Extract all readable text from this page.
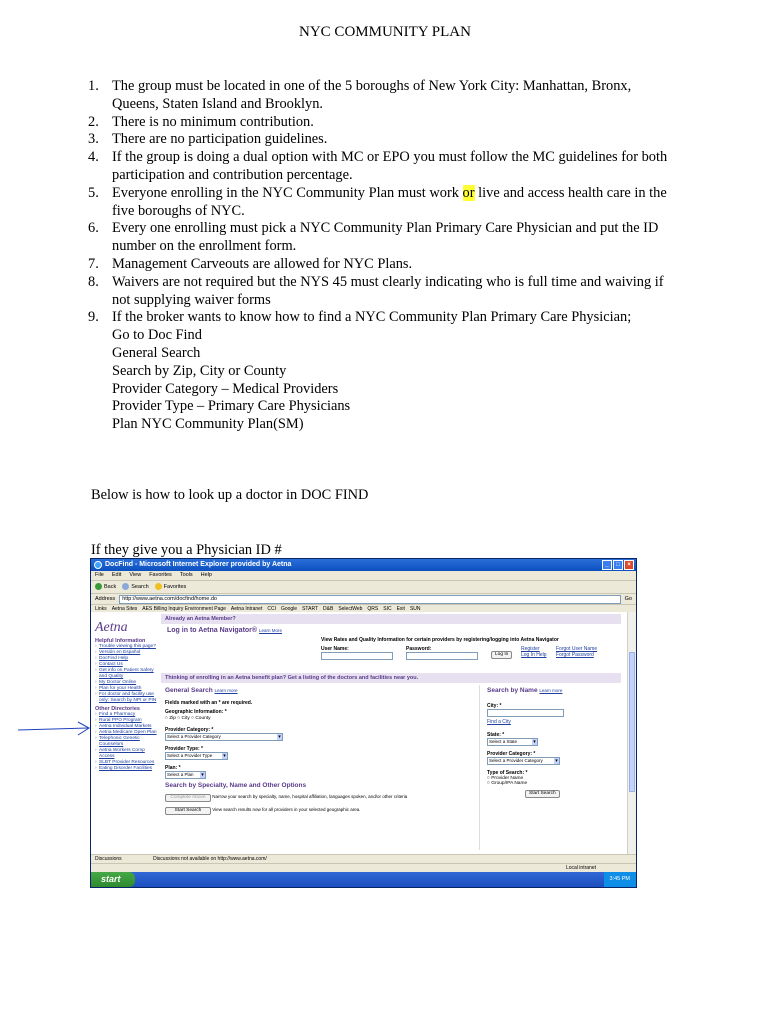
NYC COMMUNITY PLAN
1. The group must be located in one of the 5 boroughs of New York City: Manhattan, Bronx, Queens, Staten Island and Brooklyn.
2. There is no minimum contribution.
3. There are no participation guidelines.
4. If the group is doing a dual option with MC or EPO you must follow the MC guidelines for both participation and contribution percentage.
5. Everyone enrolling in the NYC Community Plan must work or live and access health care in the five boroughs of NYC.
6. Every one enrolling must pick a NYC Community Plan Primary Care Physician and put the ID number on the enrollment form.
7. Management Carveouts are allowed for NYC Plans.
8. Waivers are not required but the NYS 45 must clearly indicating who is full time and waiving if not supplying waiver forms
9. If the broker wants to know how to find a NYC Community Plan Primary Care Physician;
Go to Doc Find
General Search
Search by Zip, City or County
Provider Category – Medical Providers
Provider Type – Primary Care Physicians
Plan NYC Community Plan(SM)
Below is how to look up a doctor in DOC FIND
If they give you a Physician ID #
DocFind - Microsoft Internet Explorer provided by Aetna	_	□	×
File Edit View Favorites Tools Help
Back	Search	Favorites
Address	http://www.aetna.com/docfind/home.do	Go
Links Aetna Sites AES Billing Inquiry Environment Page Aetna Intranet CCI Google START D&B SelectWeb QRS SIC Exit SUN
Aetna
Helpful Information
› Trouble viewing this page?
› Versión en Español
› DocFind Help
› Contact Us
› Get info on Patient Safety and Quality
› My Doctor Online
› Plan for your Health
› For doctor and facility use only: Search by NPI or PIN
Other Directories
› Find a Pharmacy
› Rural PPO Program
› Aetna Individual Markets
› Aetna Medicare Open Plan
› Telephonic Genetic Counselors
› Aetna Workers Comp Access
› SLBT Provider Resources
› Eating Disorder Facilities
Already an Aetna Member?
Log in to Aetna Navigator® Learn More
View Rates and Quality Information for certain providers by registering/logging into Aetna Navigator
User Name:	Password:
Log In
Register
Log In Help
Forgot User Name
Forgot Password
Thinking of enrolling in an Aetna benefit plan? Get a listing of the doctors and facilities near you.
General Search Learn more
Fields marked with an * are required.
Geographic Information: *
○ Zip ○ City ○ County
Provider Category: *
Select a Provider Category ▾
Provider Type: *
Select a Provider Type ▾
Plan: *
Select a Plan ▾
Search by Specialty, Name and Other Options
Complete Above Narrow your search by specialty, name, hospital affiliation, languages spoken, and/or other criteria
Start Search View search results now for all providers in your selected geographic area.
Search by Name Learn more
City: *
Find a City
State: *
Select a State ▾
Provider Category: *
Select a Provider Category ▾
Type of Search: *
○ Provider Name
○ Group/IPA Name
Start Search
Discussions	Discussions not available on http://www.aetna.com/
Local intranet
start	3:45 PM
